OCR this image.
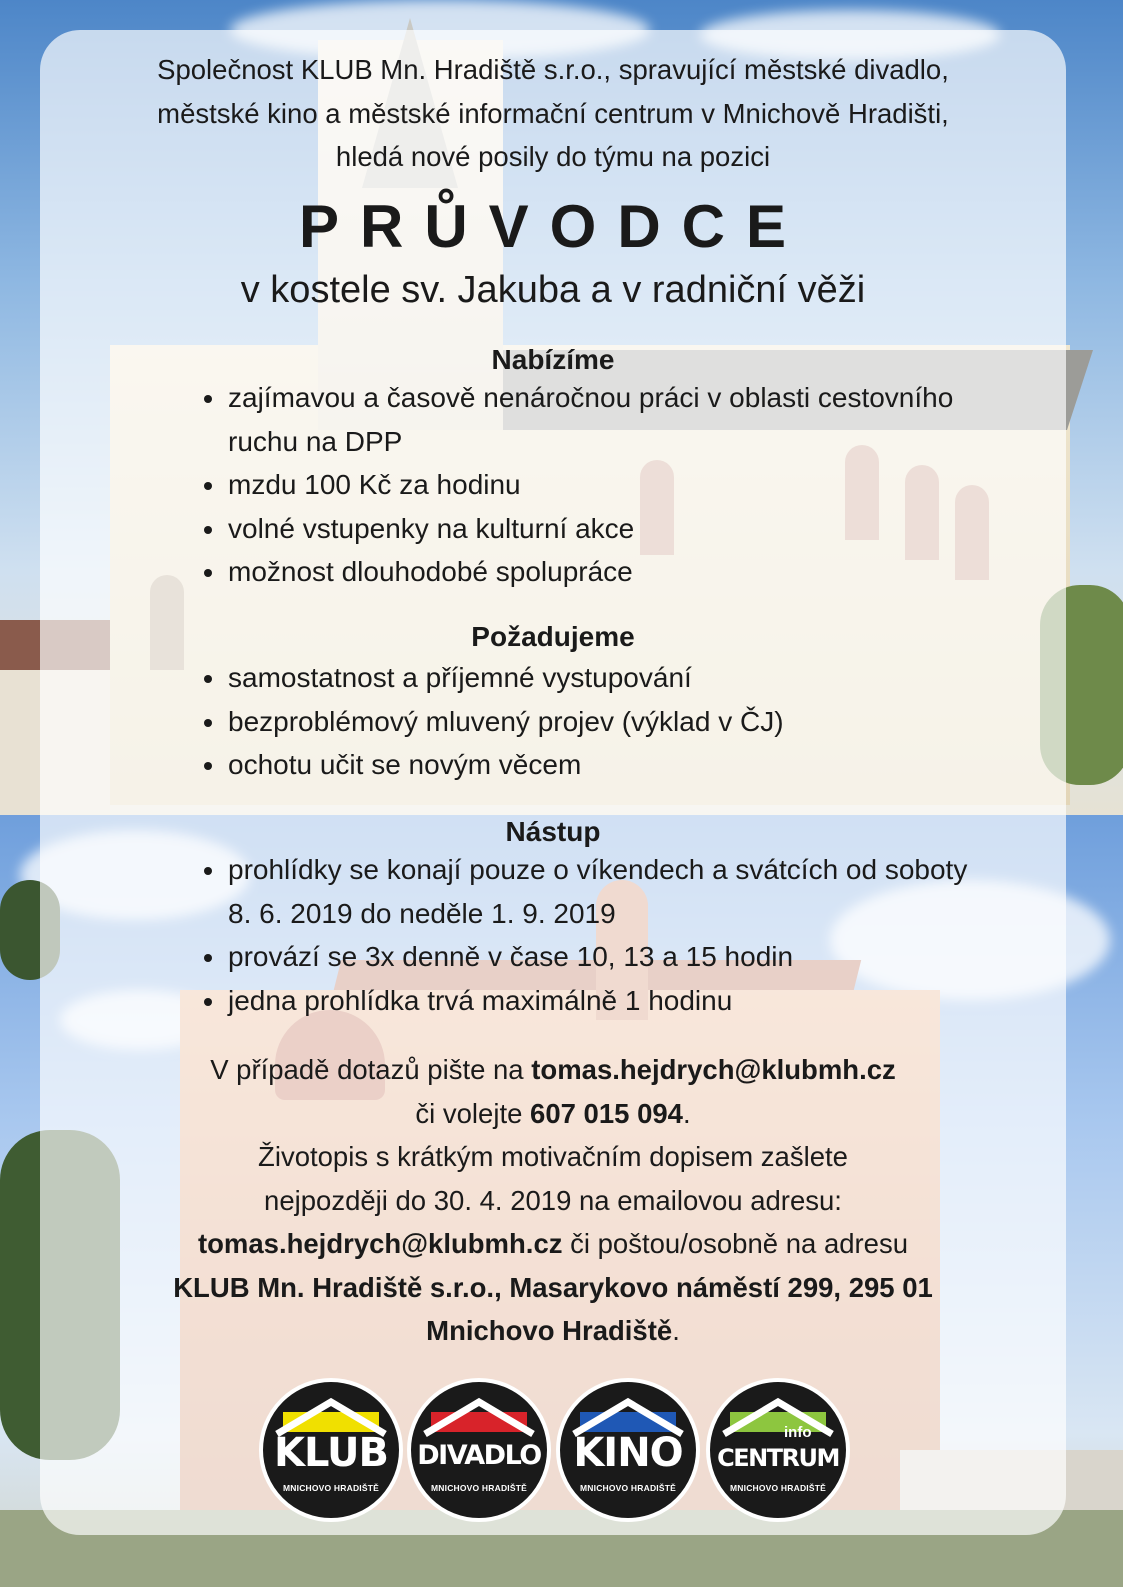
Společnost KLUB Mn. Hradiště s.r.o., spravující městské divadlo,
městské kino a městské informační centrum v Mnichově Hradišti,
hledá nové posily do týmu na pozici
PRŮVODCE
v kostele sv. Jakuba a v radniční věži
Nabízíme
zajímavou a časově nenáročnou práci v oblasti cestovního ruchu na DPP
mzdu 100 Kč za hodinu
volné vstupenky na kulturní akce
možnost dlouhodobé spolupráce
Požadujeme
samostatnost a příjemné vystupování
bezproblémový mluvený projev (výklad v ČJ)
ochotu učit se novým věcem
Nástup
prohlídky se konají pouze o víkendech a svátcích od soboty 8. 6. 2019 do neděle 1. 9. 2019
provází se 3x denně v čase 10, 13 a 15 hodin
jedna prohlídka trvá maximálně 1 hodinu
V případě dotazů pište na tomas.hejdrych@klubmh.cz
či volejte 607 015 094.
Životopis s krátkým motivačním dopisem zašlete
nejpozději do 30. 4. 2019 na emailovou adresu:
tomas.hejdrych@klubmh.cz či poštou/osobně na adresu
KLUB Mn. Hradiště s.r.o., Masarykovo náměstí 299, 295 01
Mnichovo Hradiště.
KLUB
MNICHOVO HRADIŠTĚ
DIVADLO
MNICHOVO HRADIŠTĚ
KINO
MNICHOVO HRADIŠTĚ
info
CENTRUM
MNICHOVO HRADIŠTĚ
